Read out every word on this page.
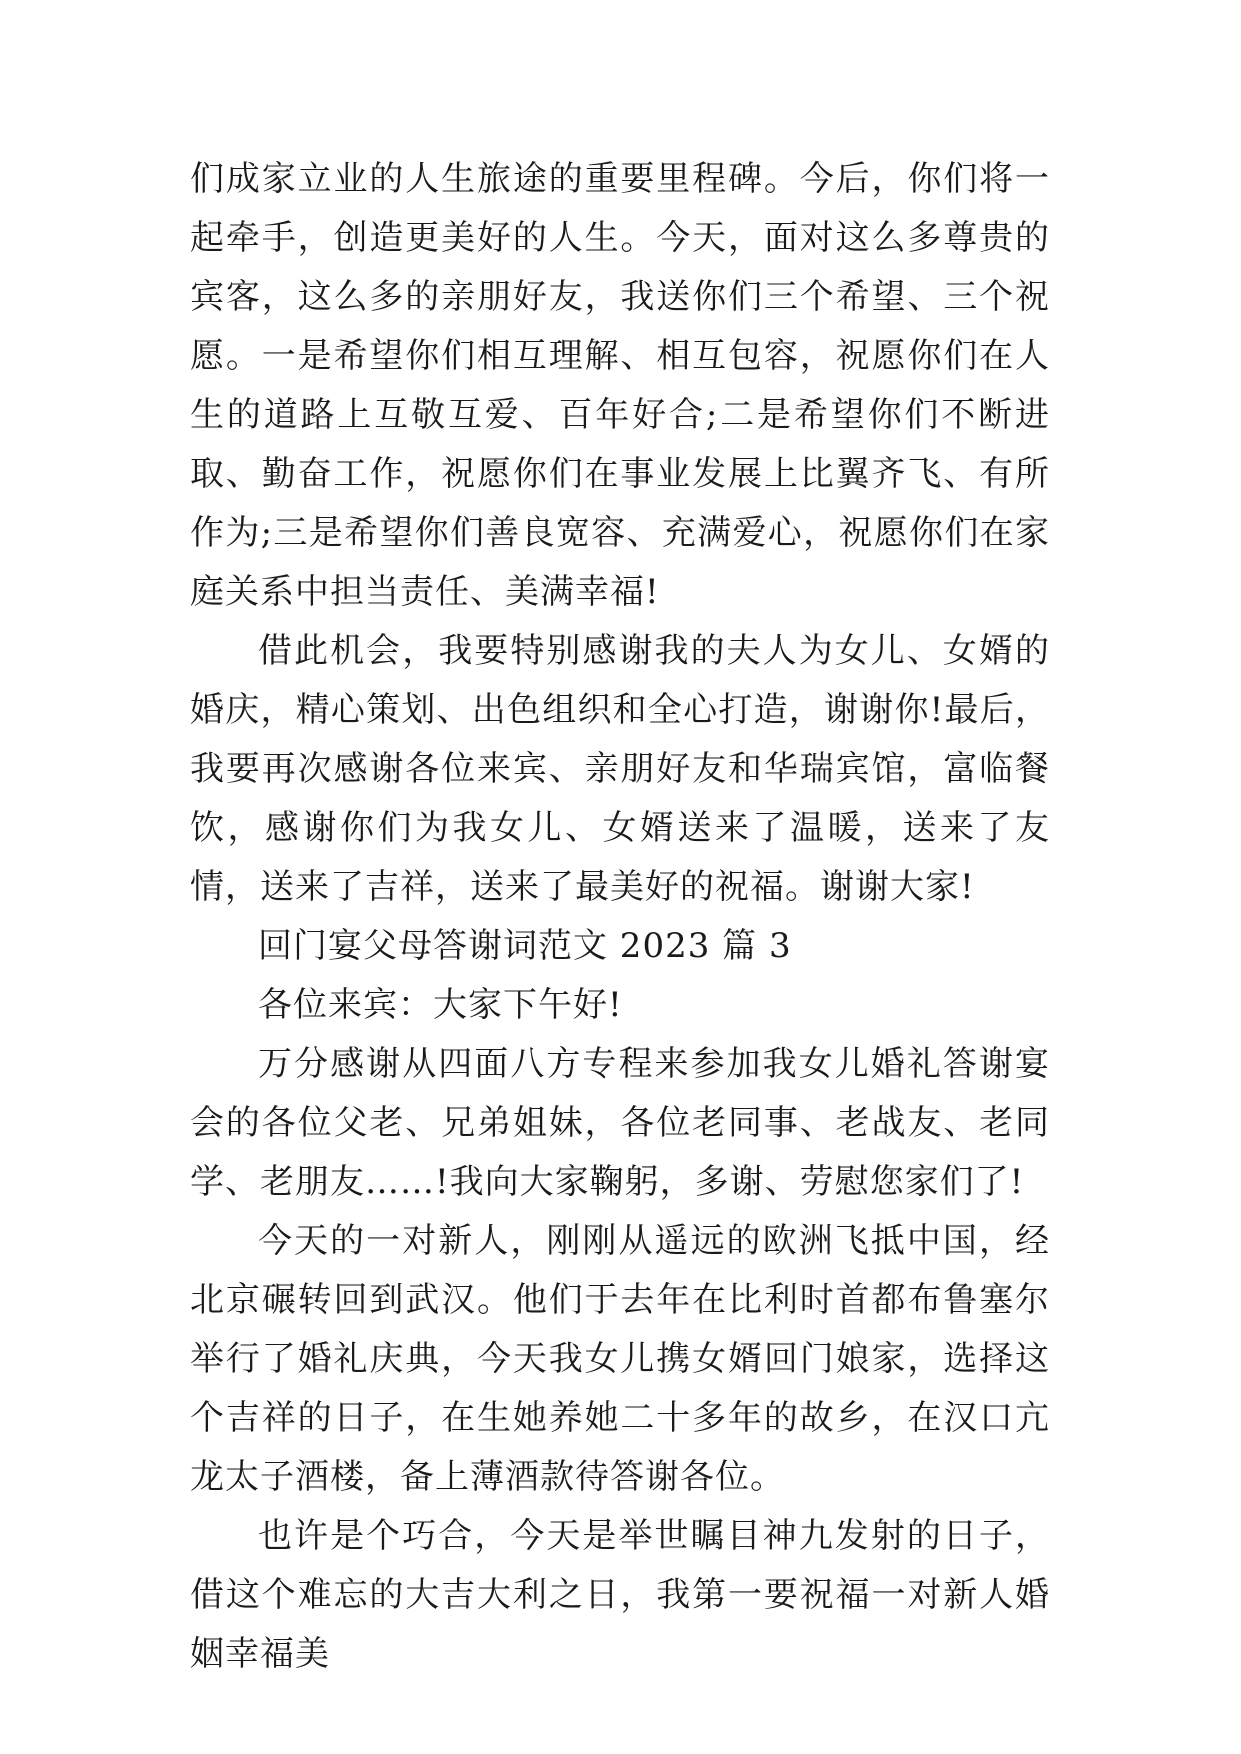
们成家立业的人生旅途的重要里程碑。今后，你们将一起牵手，创造更美好的人生。今天，面对这么多尊贵的宾客，这么多的亲朋好友，我送你们三个希望、三个祝愿。一是希望你们相互理解、相互包容，祝愿你们在人生的道路上互敬互爱、百年好合;二是希望你们不断进取、勤奋工作，祝愿你们在事业发展上比翼齐飞、有所作为;三是希望你们善良宽容、充满爱心，祝愿你们在家庭关系中担当责任、美满幸福!

借此机会，我要特别感谢我的夫人为女儿、女婿的婚庆，精心策划、出色组织和全心打造，谢谢你!最后，我要再次感谢各位来宾、亲朋好友和华瑞宾馆，富临餐饮，感谢你们为我女儿、女婿送来了温暖，送来了友情，送来了吉祥，送来了最美好的祝福。谢谢大家!

回门宴父母答谢词范文 2023 篇 3

各位来宾：大家下午好!

万分感谢从四面八方专程来参加我女儿婚礼答谢宴会的各位父老、兄弟姐妹，各位老同事、老战友、老同学、老朋友……!我向大家鞠躬，多谢、劳慰您家们了!

今天的一对新人，刚刚从遥远的欧洲飞抵中国，经北京碾转回到武汉。他们于去年在比利时首都布鲁塞尔举行了婚礼庆典，今天我女儿携女婿回门娘家，选择这个吉祥的日子，在生她养她二十多年的故乡，在汉口亢龙太子酒楼，备上薄酒款待答谢各位。

也许是个巧合，今天是举世瞩目神九发射的日子，借这个难忘的大吉大利之日，我第一要祝福一对新人婚姻幸福美
